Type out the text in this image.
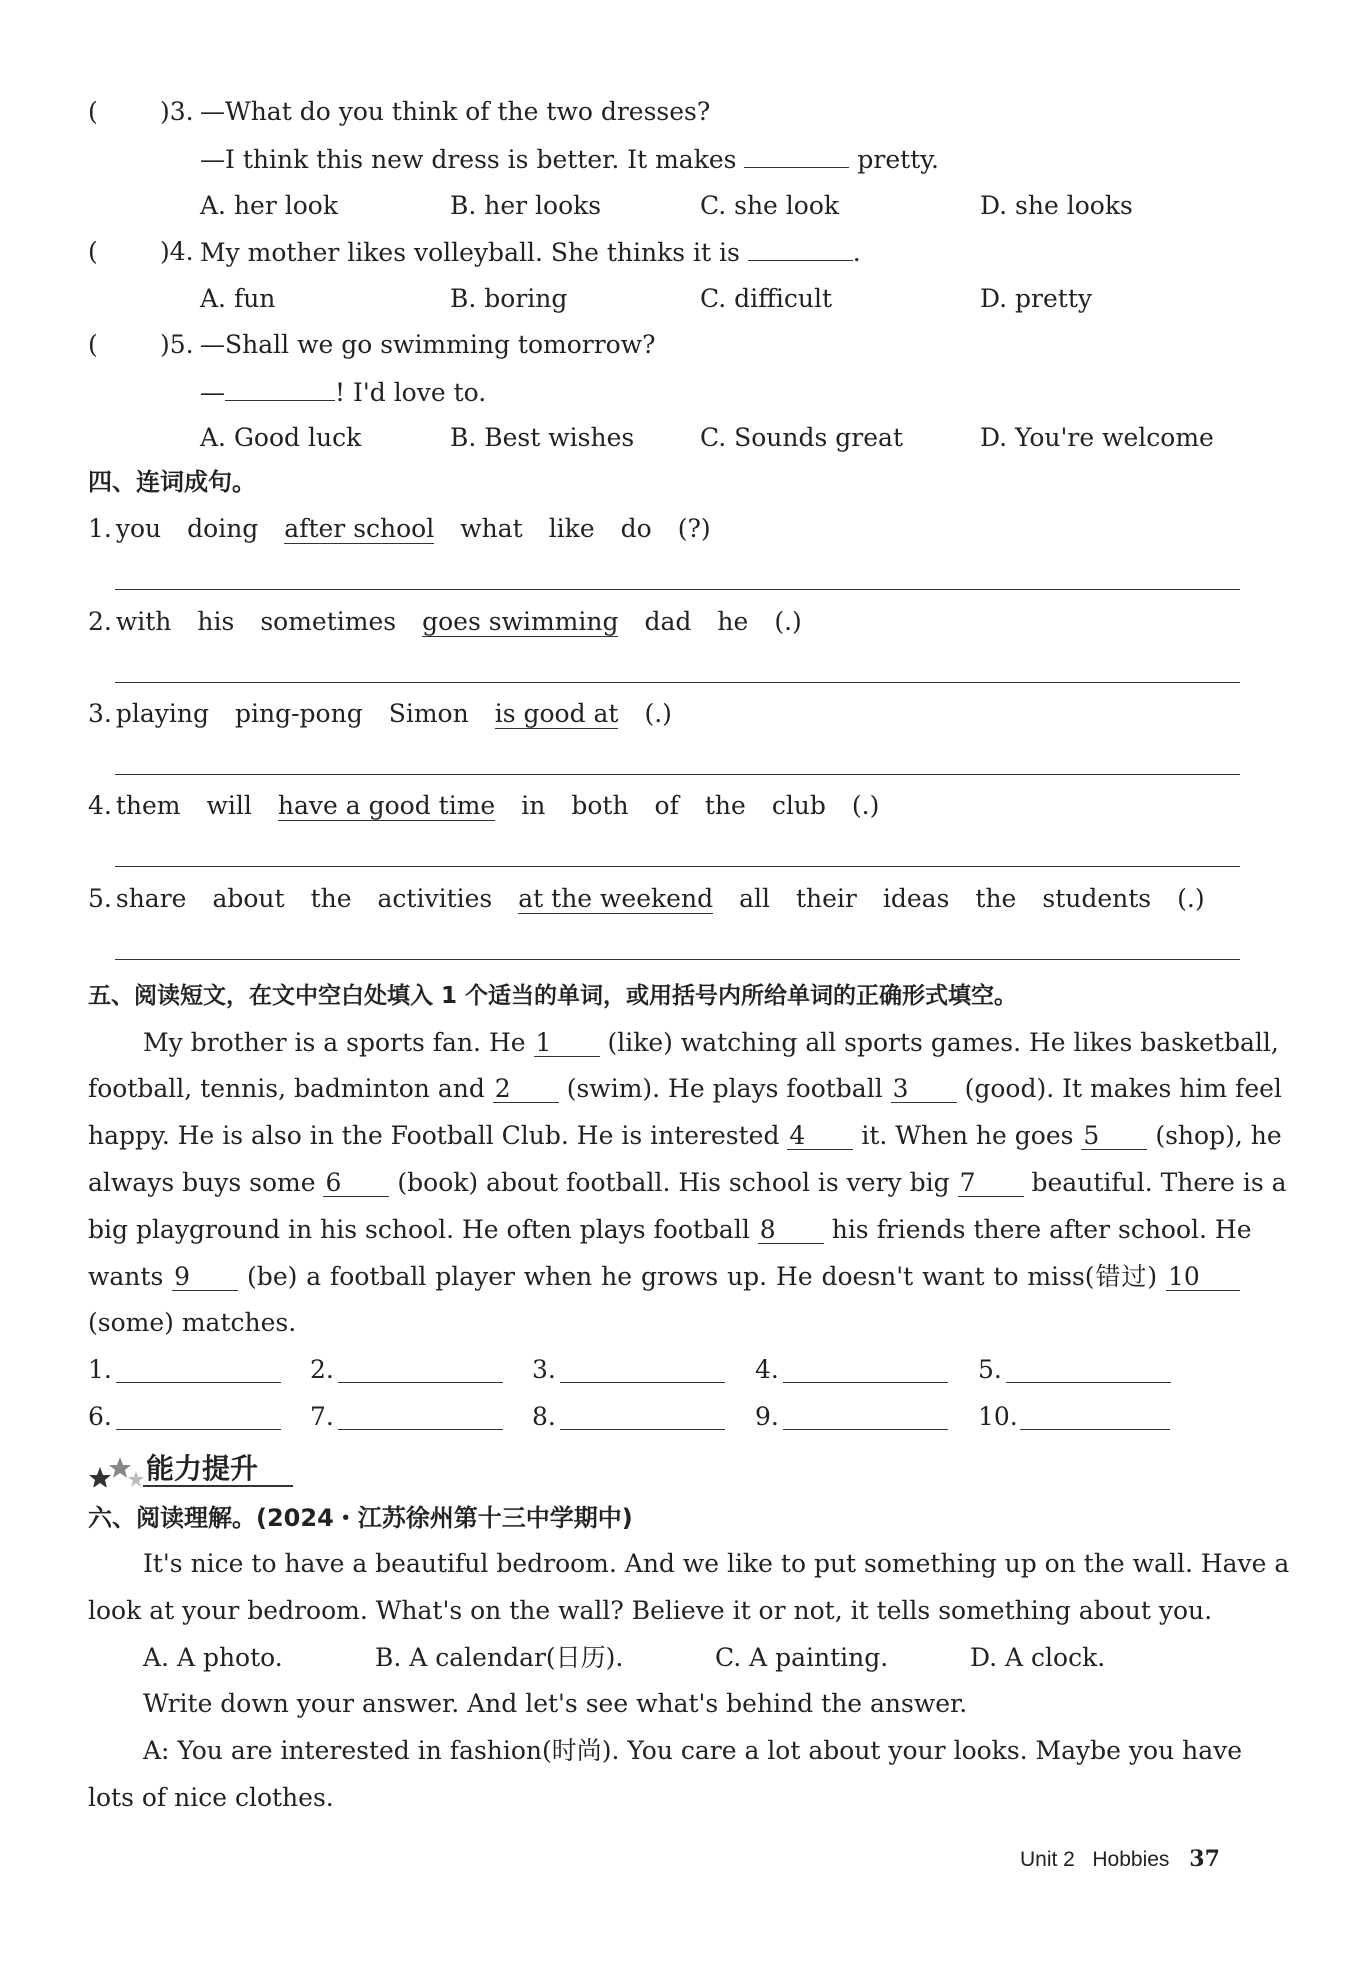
( )3. —What do you think of the two dresses?
—I think this new dress is better. It makes	pretty.
A. her look	B. her looks	C. she look	D. she looks
( )4. My mother likes volleyball. She thinks it is	.
A. fun	B. boring	C. difficult	D. pretty
( )5. —Shall we go swimming tomorrow?
—	! I'd love to.
A. Good luck	B. Best wishes	C. Sounds great	D. You're welcome
四、连词成句。
1. you doing after school what like do (?)
2. with his sometimes goes swimming dad he (.)
3. playing ping-pong Simon is good at (.)
4. them will have a good time in both of the club (.)
5. share about the activities at the weekend all their ideas the students (.)
五、阅读短文，在文中空白处填入 1 个适当的单词，或用括号内所给单词的正确形式填空。
My brother is a sports fan. He 1 (like) watching all sports games. He likes basketball,
football, tennis, badminton and 2 (swim). He plays football 3 (good). It makes him feel
happy. He is also in the Football Club. He is interested 4 it. When he goes 5 (shop), he
always buys some 6 (book) about football. His school is very big 7 beautiful. There is a
big playground in his school. He often plays football 8 his friends there after school. He
wants 9 (be) a football player when he grows up. He doesn't want to miss(错过) 10
(some) matches.
1.	2.	3.	4.	5.
6.	7.	8.	9.	10.
能力提升
六、阅读理解。(2024・江苏徐州第十三中学期中)
It's nice to have a beautiful bedroom. And we like to put something up on the wall. Have a
look at your bedroom. What's on the wall? Believe it or not, it tells something about you.
A. A photo.	B. A calendar(日历).	C. A painting.	D. A clock.
Write down your answer. And let's see what's behind the answer.
A: You are interested in fashion(时尚). You care a lot about your looks. Maybe you have
lots of nice clothes.
Unit 2 Hobbies 37
